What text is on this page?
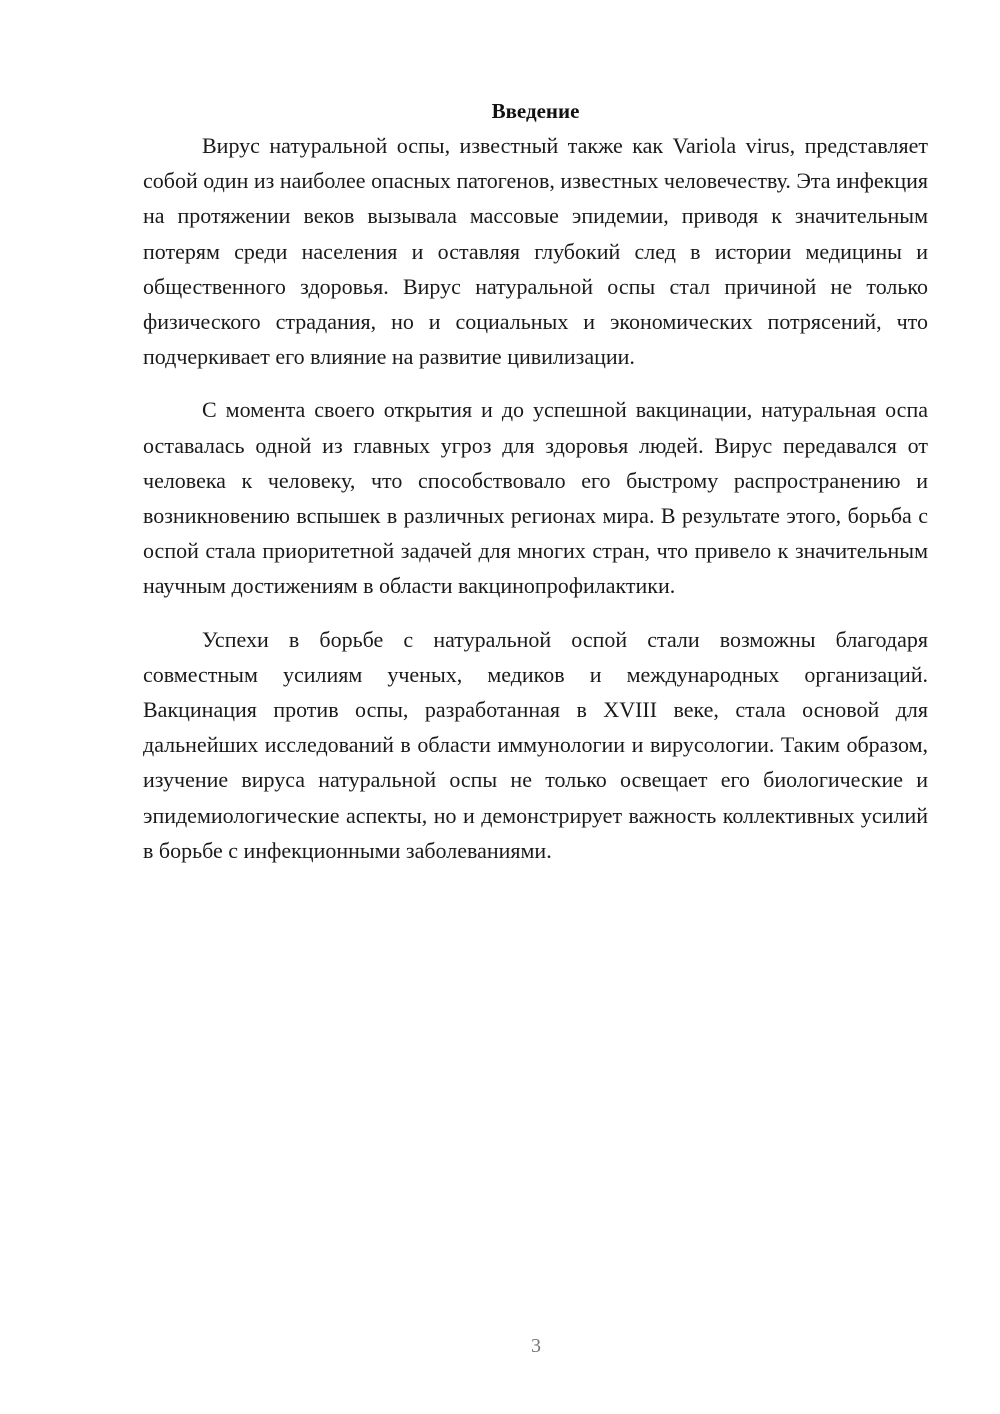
Введение

Вирус натуральной оспы, известный также как Variola virus, представляет собой один из наиболее опасных патогенов, известных человечеству. Эта инфекция на протяжении веков вызывала массовые эпидемии, приводя к значительным потерям среди населения и оставляя глубокий след в истории медицины и общественного здоровья. Вирус натуральной оспы стал причиной не только физического страдания, но и социальных и экономических потрясений, что подчеркивает его влияние на развитие цивилизации.

С момента своего открытия и до успешной вакцинации, натуральная оспа оставалась одной из главных угроз для здоровья людей. Вирус передавался от человека к человеку, что способствовало его быстрому распространению и возникновению вспышек в различных регионах мира. В результате этого, борьба с оспой стала приоритетной задачей для многих стран, что привело к значительным научным достижениям в области вакцинопрофилактики.

Успехи в борьбе с натуральной оспой стали возможны благодаря совместным усилиям ученых, медиков и международных организаций. Вакцинация против оспы, разработанная в XVIII веке, стала основой для дальнейших исследований в области иммунологии и вирусологии. Таким образом, изучение вируса натуральной оспы не только освещает его биологические и эпидемиологические аспекты, но и демонстрирует важность коллективных усилий в борьбе с инфекционными заболеваниями.

3
